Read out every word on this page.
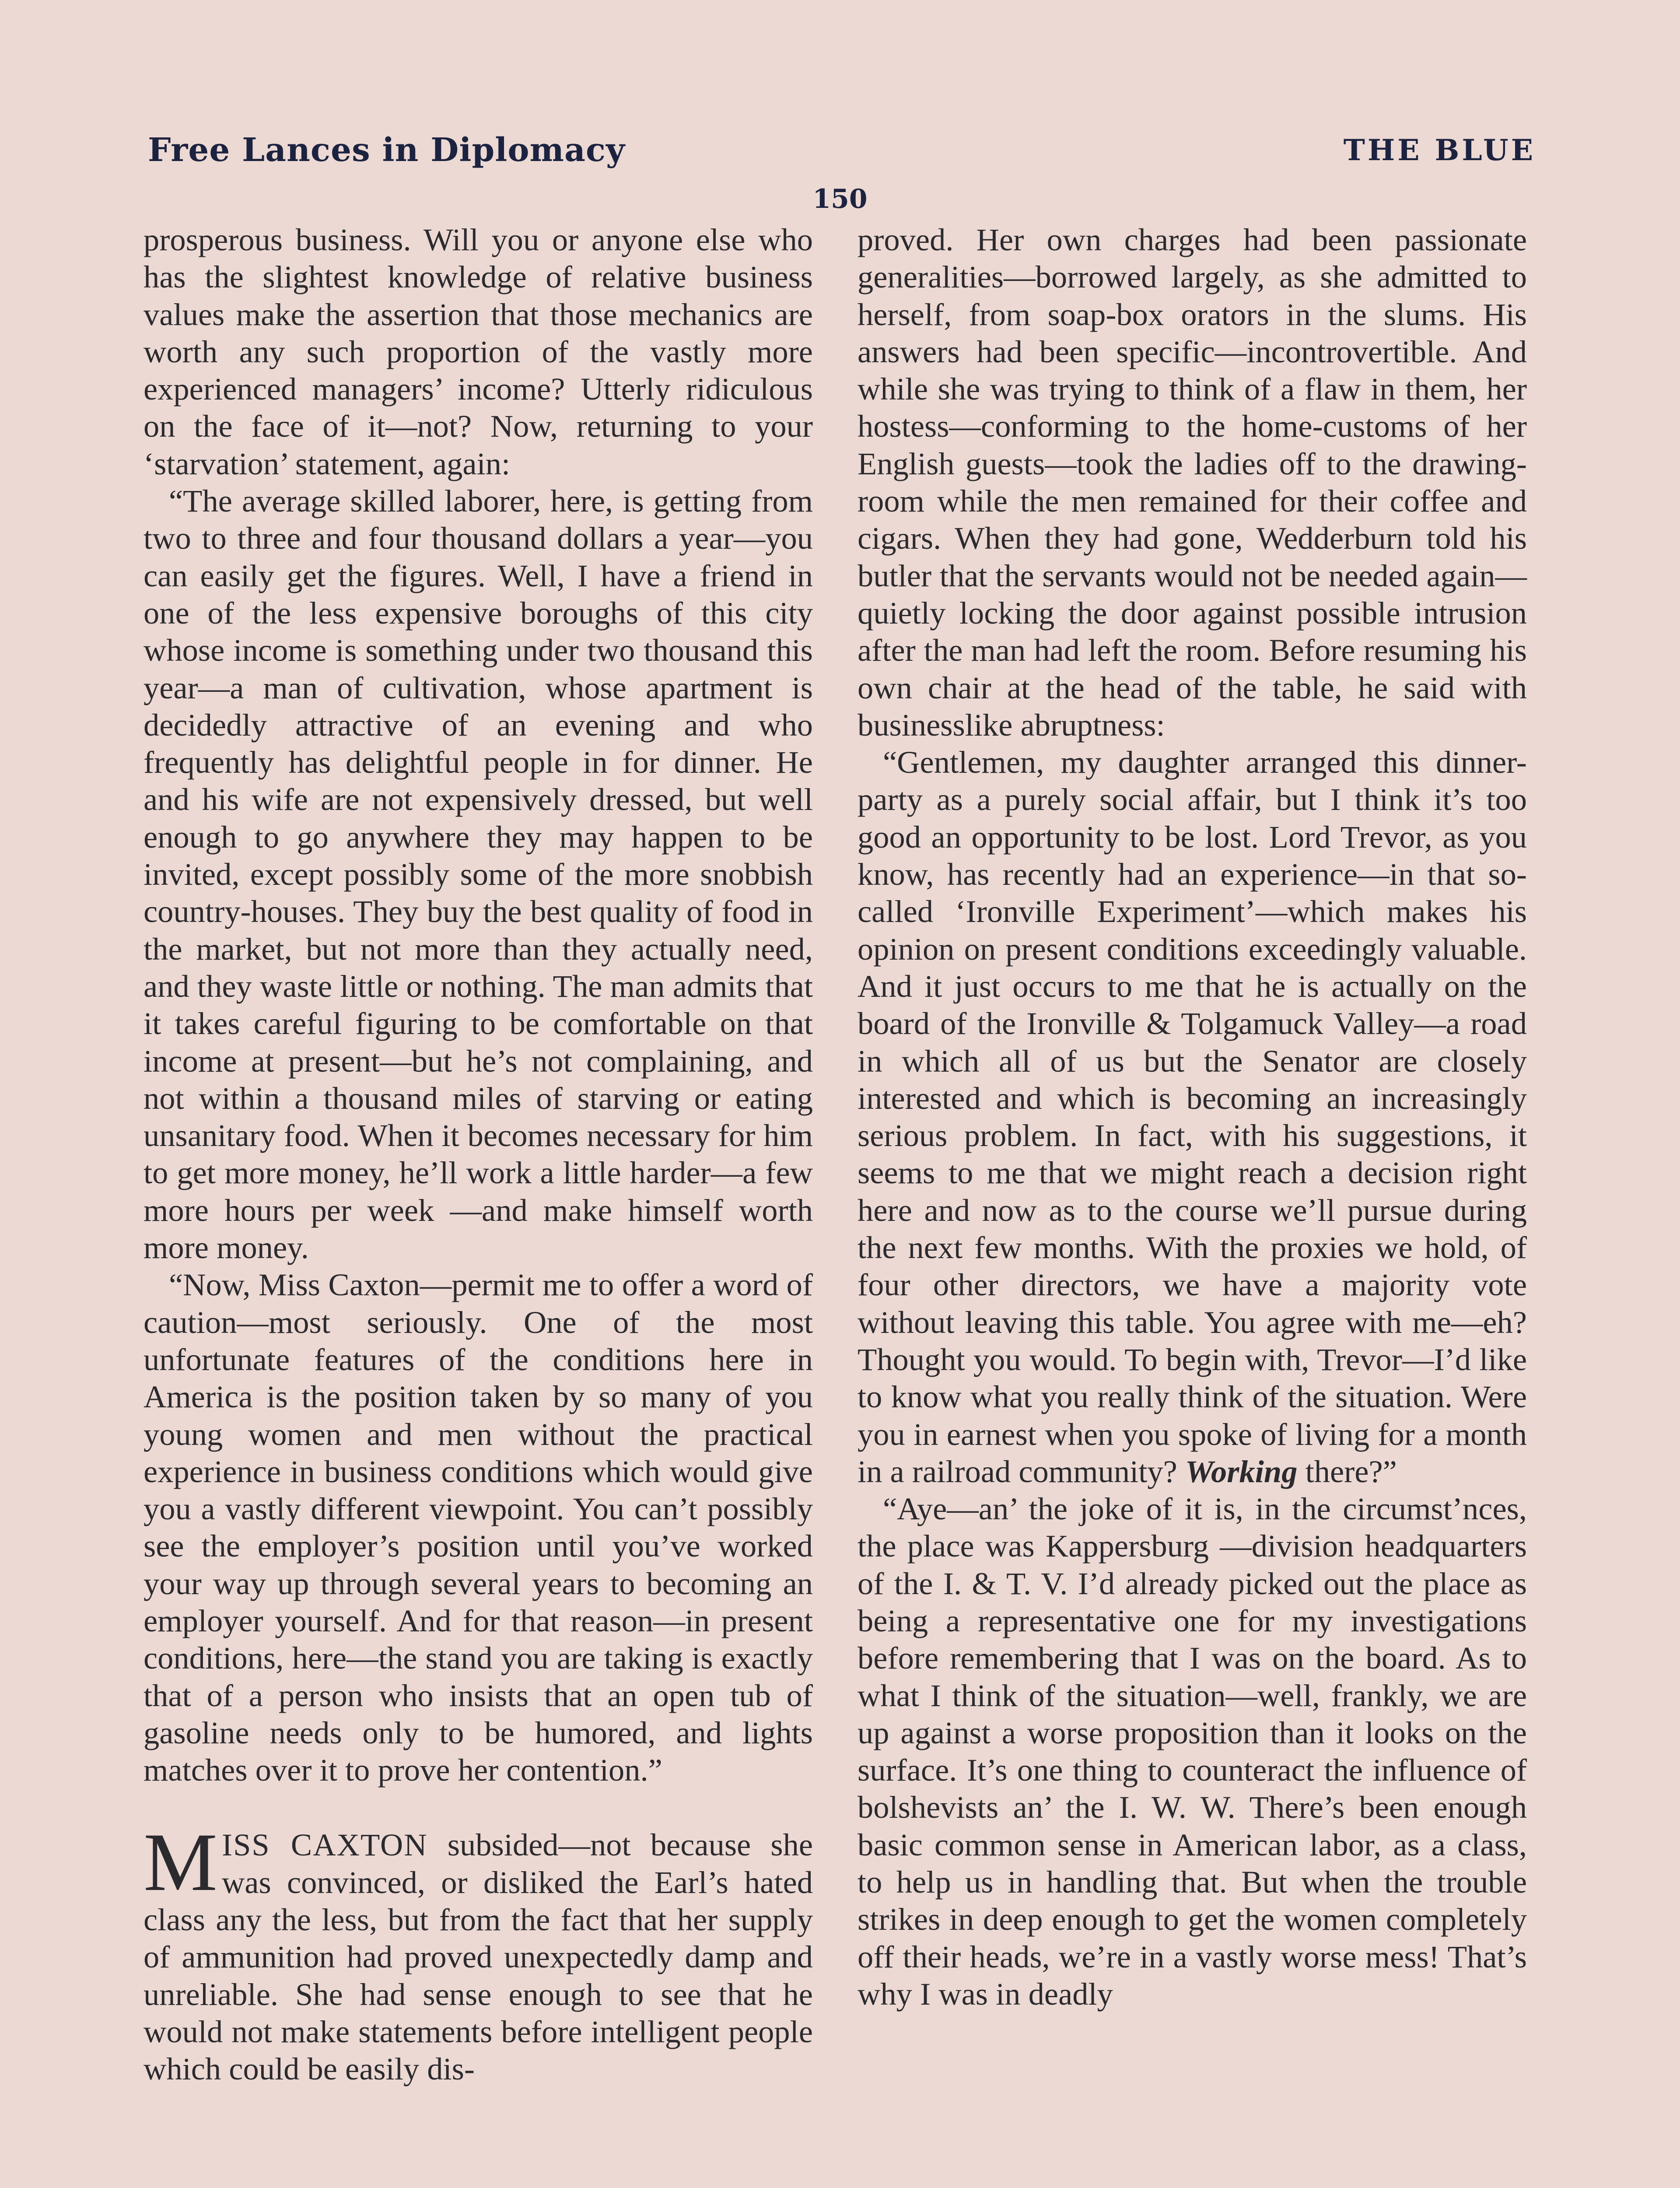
Free Lances in Diplomacy	THE BLUE
150

prosperous business. Will you or anyone else who has the slightest knowledge of relative business values make the assertion that those mechanics are worth any such proportion of the vastly more experienced managers’ income? Utterly ridiculous on the face of it—not? Now, returning to your ‘starvation’ statement, again:

“The average skilled laborer, here, is getting from two to three and four thousand dollars a year—you can easily get the figures. Well, I have a friend in one of the less expensive boroughs of this city whose income is something under two thousand this year—a man of cultivation, whose apartment is decidedly attractive of an evening and who frequently has delightful people in for dinner. He and his wife are not expensively dressed, but well enough to go anywhere they may happen to be invited, except possibly some of the more snobbish country-houses. They buy the best quality of food in the market, but not more than they actually need, and they waste little or nothing. The man admits that it takes careful figuring to be comfortable on that income at present—but he’s not complaining, and not within a thousand miles of starving or eating unsanitary food. When it becomes necessary for him to get more money, he’ll work a little harder—a few more hours per week —and make himself worth more money.

“Now, Miss Caxton—permit me to offer a word of caution—most seriously. One of the most unfortunate features of the conditions here in America is the position taken by so many of you young women and men without the practical experience in business conditions which would give you a vastly different viewpoint. You can’t possibly see the employer’s position until you’ve worked your way up through several years to becoming an employer yourself. And for that reason—in present conditions, here—the stand you are taking is exactly that of a person who insists that an open tub of gasoline needs only to be humored, and lights matches over it to prove her contention.”

MISS CAXTON subsided—not because she was convinced, or disliked the Earl’s hated class any the less, but from the fact that her supply of ammunition had proved unexpectedly damp and unreliable. She had sense enough to see that he would not make statements before intelligent people which could be easily dis-

proved. Her own charges had been passionate generalities—borrowed largely, as she admitted to herself, from soap-box orators in the slums. His answers had been specific—incontrovertible. And while she was trying to think of a flaw in them, her hostess—conforming to the home-customs of her English guests—took the ladies off to the drawing-room while the men remained for their coffee and cigars. When they had gone, Wedderburn told his butler that the servants would not be needed again—quietly locking the door against possible intrusion after the man had left the room. Before resuming his own chair at the head of the table, he said with businesslike abruptness:

“Gentlemen, my daughter arranged this dinner-party as a purely social affair, but I think it’s too good an opportunity to be lost. Lord Trevor, as you know, has recently had an experience—in that so-called ‘Ironville Experiment’—which makes his opinion on present conditions exceedingly valuable. And it just occurs to me that he is actually on the board of the Ironville & Tolgamuck Valley—a road in which all of us but the Senator are closely interested and which is becoming an increasingly serious problem. In fact, with his suggestions, it seems to me that we might reach a decision right here and now as to the course we’ll pursue during the next few months. With the proxies we hold, of four other directors, we have a majority vote without leaving this table. You agree with me—eh? Thought you would. To begin with, Trevor—I’d like to know what you really think of the situation. Were you in earnest when you spoke of living for a month in a railroad community? Working there?”

“Aye—an’ the joke of it is, in the circumst’nces, the place was Kappersburg —division headquarters of the I. & T. V. I’d already picked out the place as being a representative one for my investigations before remembering that I was on the board. As to what I think of the situation—well, frankly, we are up against a worse proposition than it looks on the surface. It’s one thing to counteract the influence of bolshevists an’ the I. W. W. There’s been enough basic common sense in American labor, as a class, to help us in handling that. But when the trouble strikes in deep enough to get the women completely off their heads, we’re in a vastly worse mess! That’s why I was in deadly
